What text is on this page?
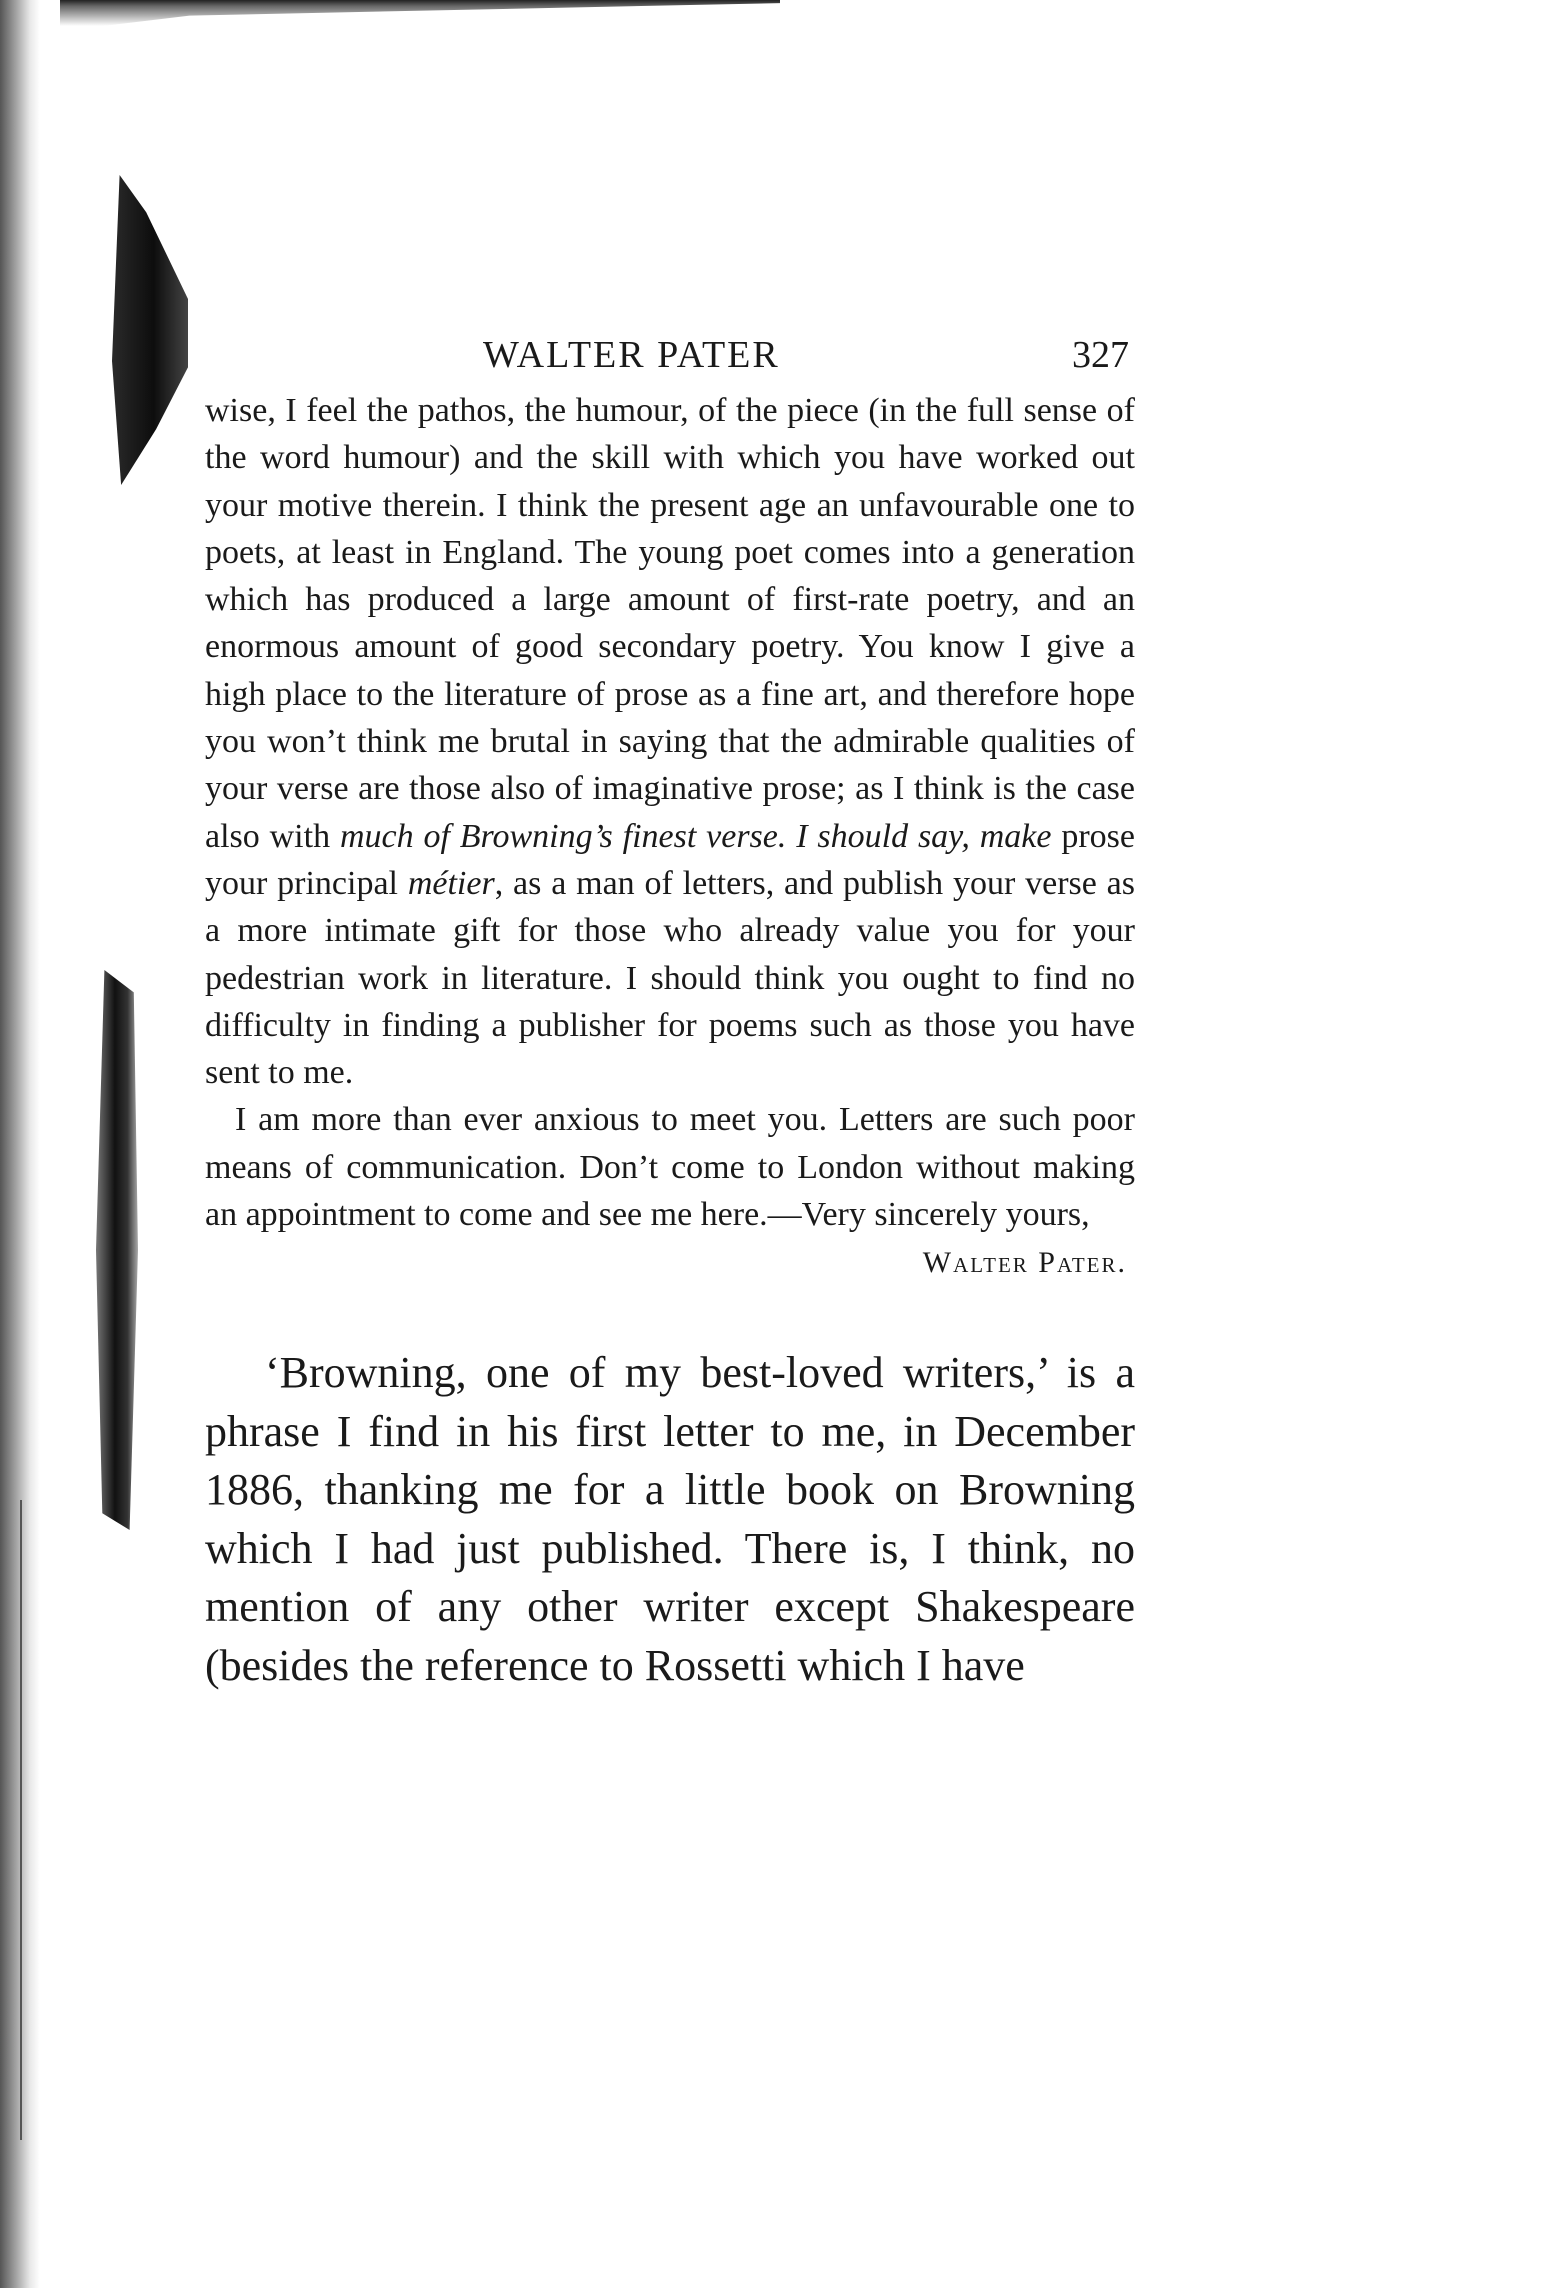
WALTER PATER	327

wise, I feel the pathos, the humour, of the piece (in the full sense of the word humour) and the skill with which you have worked out your motive therein. I think the present age an unfavourable one to poets, at least in England. The young poet comes into a generation which has produced a large amount of first-rate poetry, and an enormous amount of good secondary poetry. You know I give a high place to the literature of prose as a fine art, and therefore hope you won’t think me brutal in saying that the admirable qualities of your verse are those also of imaginative prose; as I think is the case also with much of Browning’s finest verse. I should say, make prose your principal métier, as a man of letters, and publish your verse as a more intimate gift for those who already value you for your pedestrian work in literature. I should think you ought to find no difficulty in finding a publisher for poems such as those you have sent to me.

I am more than ever anxious to meet you. Letters are such poor means of communication. Don’t come to London without making an appointment to come and see me here.—Very sincerely yours,

Walter Pater.

‘Browning, one of my best-loved writers,’ is a phrase I find in his first letter to me, in December 1886, thanking me for a little book on Browning which I had just published. There is, I think, no mention of any other writer except Shakespeare (besides the reference to Rossetti which I have
